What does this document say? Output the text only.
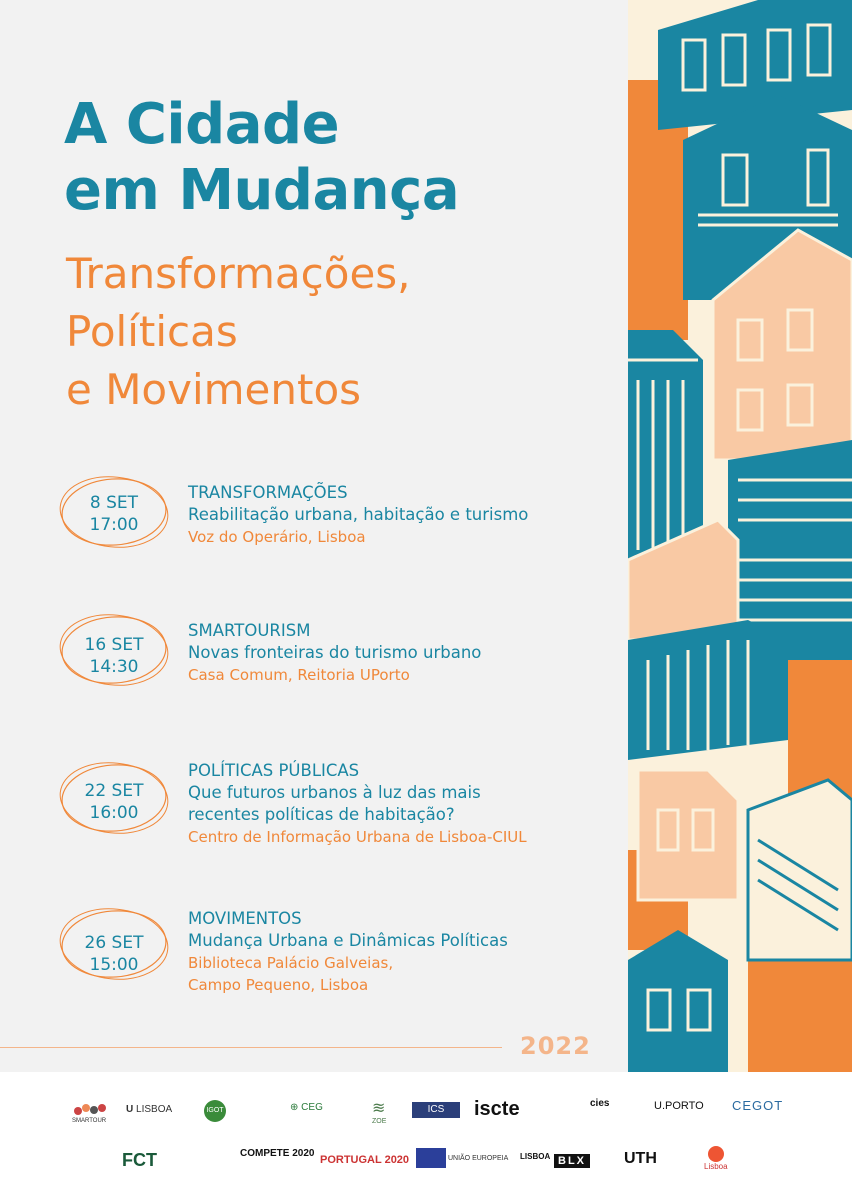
A Cidade
em Mudança
Transformações,
Políticas
e Movimentos
8 SET
17:00
TRANSFORMAÇÕES
Reabilitação urbana, habitação e turismo
Voz do Operário, Lisboa
16 SET
14:30
SMARTOURISM
Novas fronteiras do turismo urbano
Casa Comum, Reitoria UPorto
22 SET
16:00
POLÍTICAS PÚBLICAS
Que futuros urbanos à luz das mais
recentes políticas de habitação?
Centro de Informação Urbana de Lisboa-CIUL
26 SET
15:00
MOVIMENTOS
Mudança Urbana e Dinâmicas Políticas
Biblioteca Palácio Galveias,
Campo Pequeno, Lisboa
2022
SMARTOUR
U LISBOA	IGOT	⊕ CEG	≋
ZOE
ICS	iscte	cies	U.PORTO CEGOT
FCT	COMPETE 2020
PORTUGAL 2020	UNIÃO EUROPEIA LISBOA BLX UTH	Lisboa
